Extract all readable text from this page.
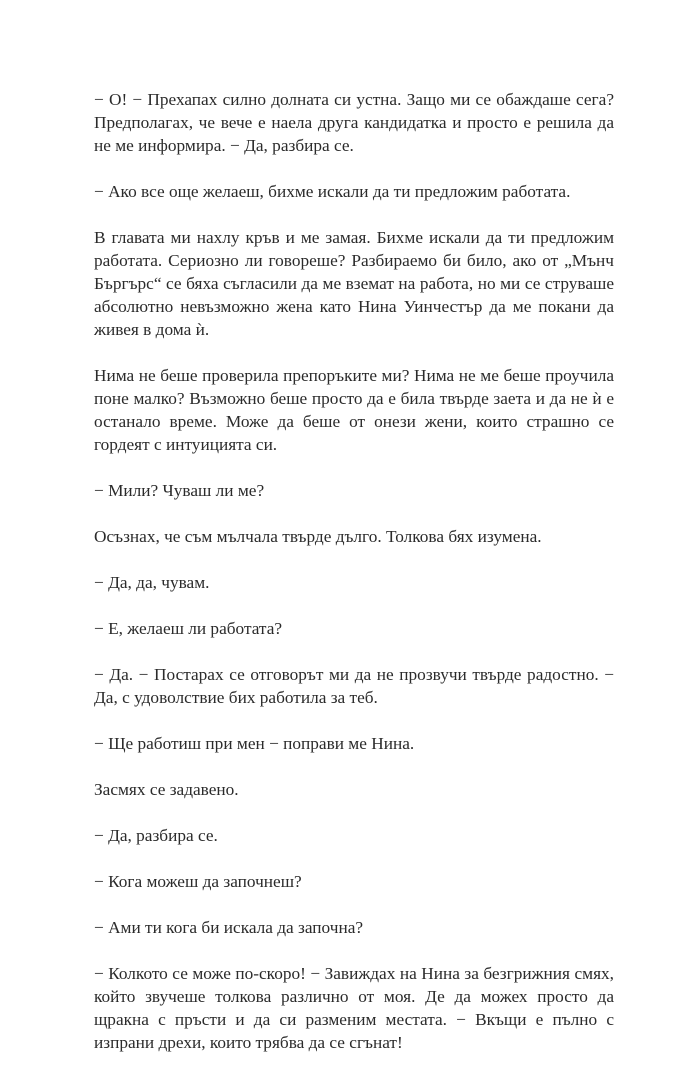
− О! − Прехапах силно долната си устна. Защо ми се обаждаше сега? Предполагах, че вече е наела друга кандидатка и просто е решила да не ме информира. − Да, разбира се.

− Ако все още желаеш, бихме искали да ти предложим работата.

В главата ми нахлу кръв и ме замая. Бихме искали да ти предложим работата. Сериозно ли говореше? Разбираемо би било, ако от „Мънч Бъргърс“ се бяха съгласили да ме вземат на работа, но ми се струваше абсолютно невъзможно жена като Нина Уинчестър да ме покани да живея в дома ѝ.

Нима не беше проверила препоръките ми? Нима не ме беше проучила поне малко? Възможно беше просто да е била твърде заета и да не ѝ е останало време. Може да беше от онези жени, които страшно се гордеят с интуицията си.

− Мили? Чуваш ли ме?

Осъзнах, че съм мълчала твърде дълго. Толкова бях изумена.

− Да, да, чувам.

− Е, желаеш ли работата?

− Да. − Постарах се отговорът ми да не прозвучи твърде радостно. − Да, с удоволствие бих работила за теб.

− Ще работиш при мен − поправи ме Нина.

Засмях се задавено.

− Да, разбира се.

− Кога можеш да започнеш?

− Ами ти кога би искала да започна?

− Колкото се може по-скоро! − Завиждах на Нина за безгрижния смях, който звучеше толкова различно от моя. Де да можех просто да щракна с пръсти и да си разменим местата. − Вкъщи е пълно с изпрани дрехи, които трябва да се сгънат!
